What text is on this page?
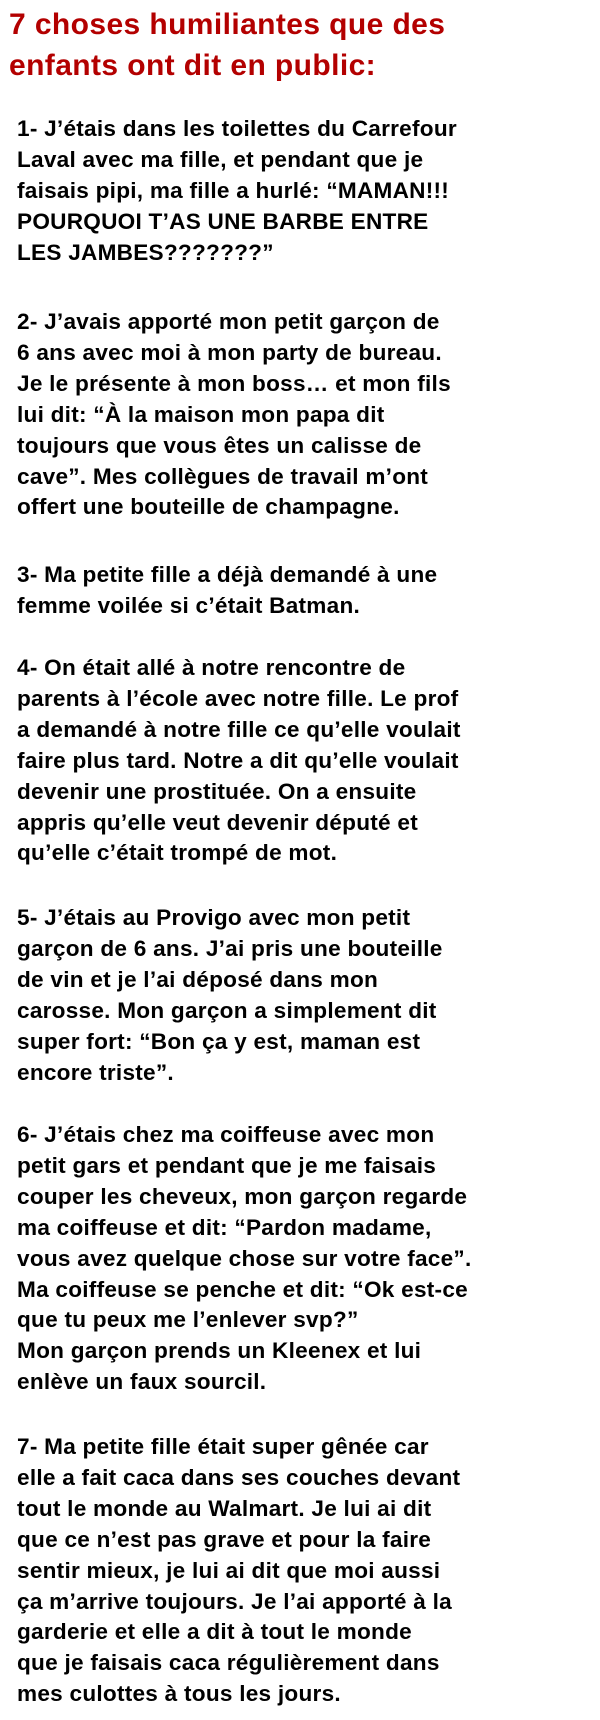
7 choses humiliantes que des
enfants ont dit en public:
1- J’étais dans les toilettes du Carrefour
Laval avec ma fille, et pendant que je
faisais pipi, ma fille a hurlé: “MAMAN!!!
POURQUOI T’AS UNE BARBE ENTRE
LES JAMBES???????”
2- J’avais apporté mon petit garçon de
6 ans avec moi à mon party de bureau.
Je le présente à mon boss… et mon fils
lui dit: “À la maison mon papa dit
toujours que vous êtes un calisse de
cave”. Mes collègues de travail m’ont
offert une bouteille de champagne.
3- Ma petite fille a déjà demandé à une
femme voilée si c’était Batman.
4- On était allé à notre rencontre de
parents à l’école avec notre fille. Le prof
a demandé à notre fille ce qu’elle voulait
faire plus tard. Notre a dit qu’elle voulait
devenir une prostituée. On a ensuite
appris qu’elle veut devenir député et
qu’elle c’était trompé de mot.
5- J’étais au Provigo avec mon petit
garçon de 6 ans. J’ai pris une bouteille
de vin et je l’ai déposé dans mon
carosse. Mon garçon a simplement dit
super fort: “Bon ça y est, maman est
encore triste”.
6- J’étais chez ma coiffeuse avec mon
petit gars et pendant que je me faisais
couper les cheveux, mon garçon regarde
ma coiffeuse et dit: “Pardon madame,
vous avez quelque chose sur votre face”.
Ma coiffeuse se penche et dit: “Ok est-ce
que tu peux me l’enlever svp?”
Mon garçon prends un Kleenex et lui
enlève un faux sourcil.
7- Ma petite fille était super gênée car
elle a fait caca dans ses couches devant
tout le monde au Walmart. Je lui ai dit
que ce n’est pas grave et pour la faire
sentir mieux, je lui ai dit que moi aussi
ça m’arrive toujours. Je l’ai apporté à la
garderie et elle a dit à tout le monde
que je faisais caca régulièrement dans
mes culottes à tous les jours.
